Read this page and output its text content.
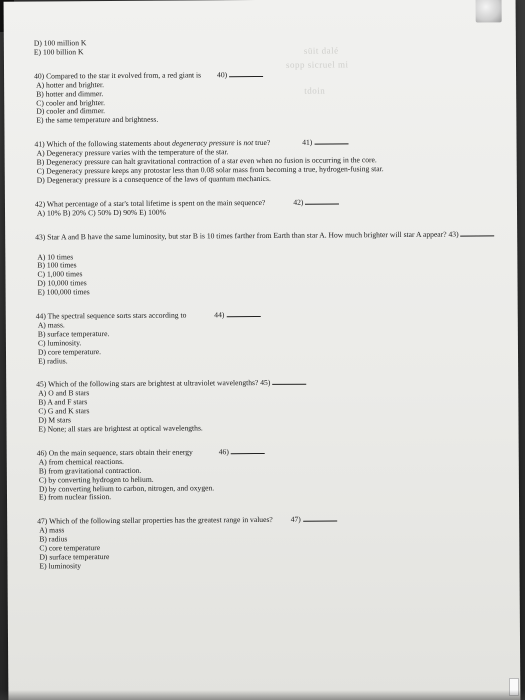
süit dalé
sopp sicruel mi
tdoin
D) 100 million K
E) 100 billion K
40) Compared to the star it evolved from, a red giant is 40)
A) hotter and brighter.
B) hotter and dimmer.
C) cooler and brighter.
D) cooler and dimmer.
E) the same temperature and brightness.
41) Which of the following statements about degeneracy pressure is not true?	41)
A) Degeneracy pressure varies with the temperature of the star.
B) Degeneracy pressure can halt gravitational contraction of a star even when no fusion is occurring in the core.
C) Degeneracy pressure keeps any protostar less than 0.08 solar mass from becoming a true, hydrogen-fusing star.
D) Degeneracy pressure is a consequence of the laws of quantum mechanics.
42) What percentage of a star's total lifetime is spent on the main sequence?	42)
A) 10% B) 20% C) 50% D) 90% E) 100%
43) Star A and B have the same luminosity, but star B is 10 times farther from Earth than star A. How much brighter will star A appear? 43)
A) 10 times
B) 100 times
C) 1,000 times
D) 10,000 times
E) 100,000 times
44) The spectral sequence sorts stars according to	44)
A) mass.
B) surface temperature.
C) luminosity.
D) core temperature.
E) radius.
45) Which of the following stars are brightest at ultraviolet wavelengths? 45)
A) O and B stars
B) A and F stars
C) G and K stars
D) M stars
E) None; all stars are brightest at optical wavelengths.
46) On the main sequence, stars obtain their energy	46)
A) from chemical reactions.
B) from gravitational contraction.
C) by converting hydrogen to helium.
D) by converting helium to carbon, nitrogen, and oxygen.
E) from nuclear fission.
47) Which of the following stellar properties has the greatest range in values? 47)
A) mass
B) radius
C) core temperature
D) surface temperature
E) luminosity
